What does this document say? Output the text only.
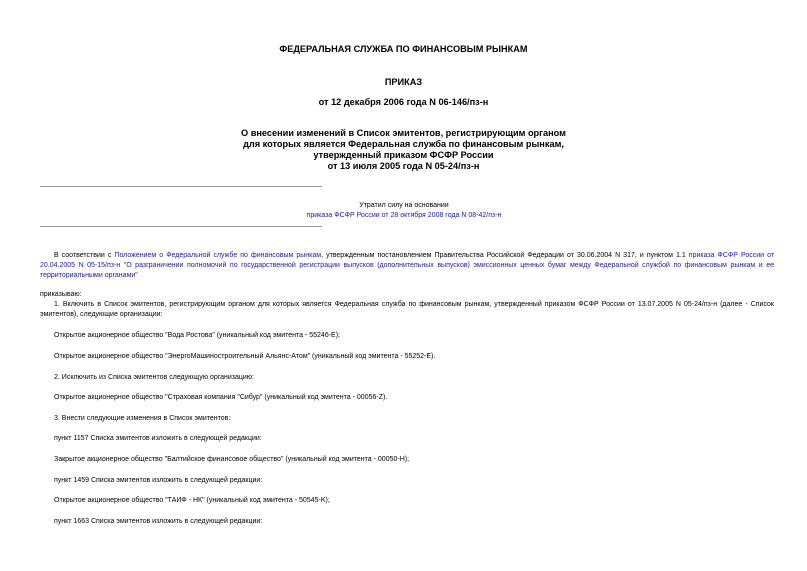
ФЕДЕРАЛЬНАЯ СЛУЖБА ПО ФИНАНСОВЫМ РЫНКАМ
ПРИКАЗ
от 12 декабря 2006 года N 06-146/пз-н
О внесении изменений в Список эмитентов, регистрирующим органом
для которых является Федеральная служба по финансовым рынкам,
утвержденный приказом ФСФР России
от 13 июля 2005 года N 05-24/пз-н
Утратил силу на основании
приказа ФСФР России от 28 октября 2008 года N 08-42/пз-н
В соответствии с Положением о Федеральной службе по финансовым рынкам, утвержденным постановлением Правительства Российской Федерации от 30.06.2004 N 317, и пунктом 1.1 приказа ФСФР России от 20.04.2005 N 05-15/пз-н "О разграничении полномочий по государственной регистрации выпусков (дополнительных выпусков) эмиссионных ценных бумаг между Федеральной службой по финансовым рынкам и ее территориальными органами"
приказываю:
1. Включить в Список эмитентов, регистрирующим органом для которых является Федеральная служба по финансовым рынкам, утвержденный приказом ФСФР России от 13.07.2005 N 05-24/пз-н (далее - Список эмитентов), следующие организации:
Открытое акционерное общество "Вода Ростова" (уникальный код эмитента - 55246-E);
Открытое акционерное общество "ЭнергоМашиностроительный Альянс-Атом" (уникальный код эмитента - 55252-E).
2. Исключить из Списка эмитентов следующую организацию:
Открытое акционерное общество "Страховая компания "Сибур" (уникальный код эмитента - 00056-Z).
3. Внести следующие изменения в Список эмитентов:
пункт 1157 Списка эмитентов изложить в следующей редакции:
Закрытое акционерное общество "Балтийское финансовое общество" (уникальный код эмитента - 00050-H);
пункт 1459 Списка эмитентов изложить в следующей редакции:
Открытое акционерное общество "ТАИФ - НК" (уникальный код эмитента - 50545-K);
пункт 1663 Списка эмитентов изложить в следующей редакции:
